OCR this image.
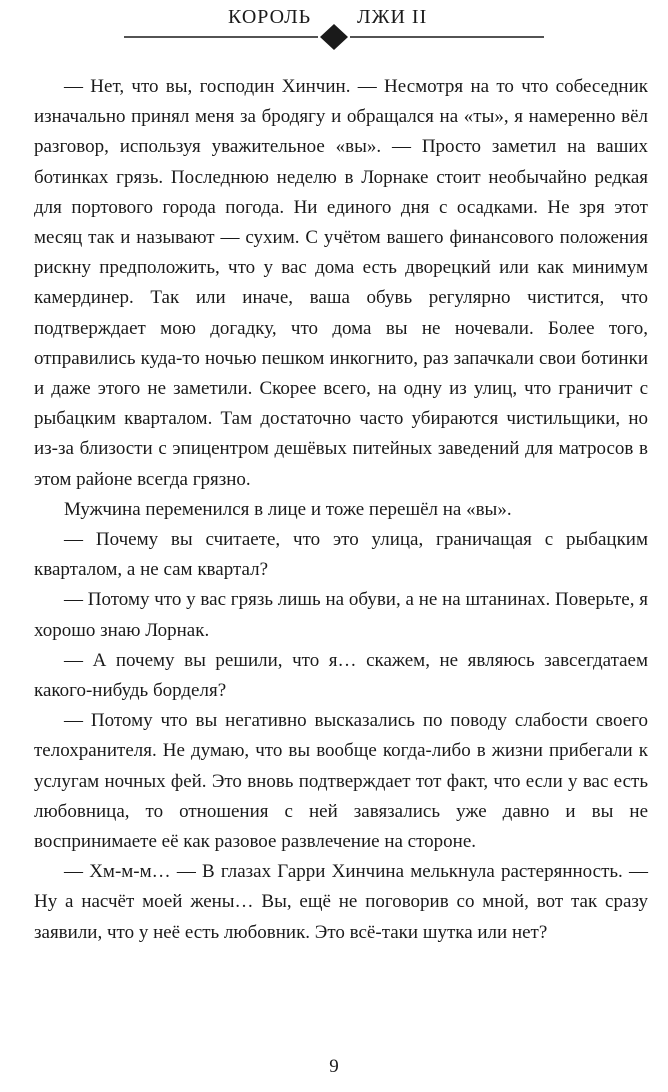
КОРОЛЬ ЛЖИ II

— Нет, что вы, господин Хинчин. — Несмотря на то что собеседник изначально принял меня за бродягу и обращался на «ты», я намеренно вёл разговор, используя уважительное «вы». — Просто заметил на ваших ботинках грязь. Последнюю неделю в Лорнаке стоит необычайно редкая для портового города погода. Ни единого дня с осадками. Не зря этот месяц так и называют — сухим. С учётом вашего финансового положения рискну предположить, что у вас дома есть дворецкий или как минимум камердинер. Так или иначе, ваша обувь регулярно чистится, что подтверждает мою догадку, что дома вы не ночевали. Более того, отправились куда-то ночью пешком инкогнито, раз запачкали свои ботинки и даже этого не заметили. Скорее всего, на одну из улиц, что граничит с рыбацким кварталом. Там достаточно часто убираются чистильщики, но из-за близости с эпицентром дешёвых питейных заведений для матросов в этом районе всегда грязно.

Мужчина переменился в лице и тоже перешёл на «вы».

— Почему вы считаете, что это улица, граничащая с рыбацким кварталом, а не сам квартал?

— Потому что у вас грязь лишь на обуви, а не на штанинах. Поверьте, я хорошо знаю Лорнак.

— А почему вы решили, что я… скажем, не являюсь завсегдатаем какого-нибудь борделя?

— Потому что вы негативно высказались по поводу слабости своего телохранителя. Не думаю, что вы вообще когда-либо в жизни прибегали к услугам ночных фей. Это вновь подтверждает тот факт, что если у вас есть любовница, то отношения с ней завязались уже давно и вы не воспринимаете её как разовое развлечение на стороне.

— Хм-м-м… — В глазах Гарри Хинчина мелькнула растерянность. — Ну а насчёт моей жены… Вы, ещё не поговорив со мной, вот так сразу заявили, что у неё есть любовник. Это всё-таки шутка или нет?

9
